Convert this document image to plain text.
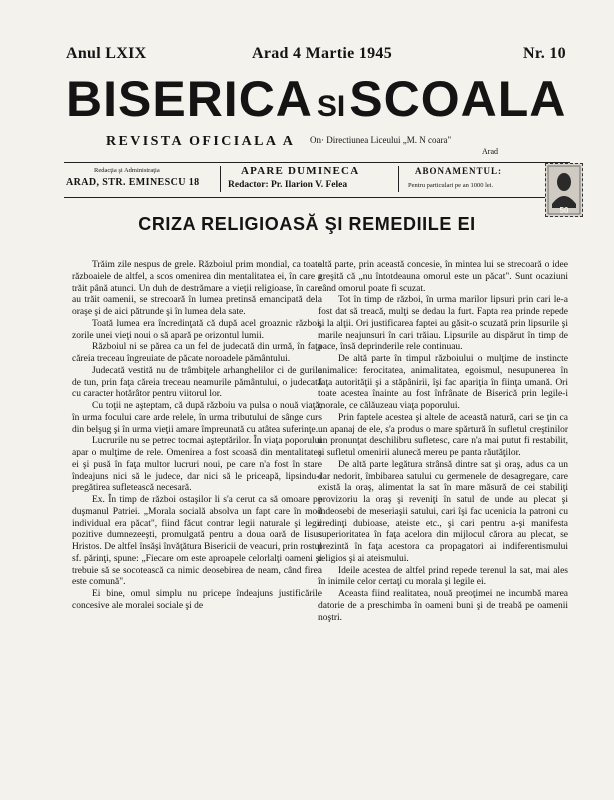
Anul LXIX	Arad 4 Martie 1945	Nr. 10
BISERICA SISCOALA
REVISTA OFICIALA A On· Directiunea Liceului „M. N coara"
Arad
Redacţia şi Administraţia
ARAD, STR. EMINESCU 18
APARE DUMINECA
Redactor: Pr. Ilarion V. Felea
ABONAMENTUL:
Pentru particulari pe an 1000 lei.
50
CRIZA RELIGIOASĂ ŞI REMEDIILE EI

Trăim zile nespus de grele. Războiul prim mondial, ca toate războaiele de altfel, a scos omenirea din mentalitatea ei, în care a trăit până atunci. Un duh de destrămare a vieţii religioase, în care au trăit oamenii, se strecoară în lumea pretinsă emancipată dela oraşe şi de aici pătrunde şi în lumea dela sate.

Toată lumea era încredinţată că după acel groaznic război, zorile unei vieţi noui o să apară pe orizontul lumii.

Războiul ni se părea ca un fel de judecată din urmă, în faţa căreia treceau îngreuiate de păcate noroadele pământului.

Judecată vestită nu de trâmbiţele arhanghelilor ci de gurile de tun, prin faţa căreia treceau neamurile pământului, o judecată cu caracter hotărâtor pentru viitorul lor.

Cu toţii ne aşteptam, că după războiu va pulsa o nouă viaţă, în urma focului care arde relele, în urma tributului de sânge curs din belşug şi în urma vieţii amare împreunată cu atâtea suferinţe.

Lucrurile nu se petrec tocmai aşteptărilor. În viaţa poporului apar o mulţime de rele. Omenirea a fost scoasă din mentalitatea ei şi pusă în faţa multor lucruri noui, pe care n'a fost în stare îndeajuns nici să le judece, dar nici să le priceapă, lipsindu-i pregătirea sufletească necesară.

Ex. În timp de război ostaşilor li s'a cerut ca să omoare pe duşmanul Patriei. „Morala socială absolva un fapt care în mod individual era păcat", fiind făcut contrar legii naturale şi legii pozitive dumnezeeşti, promulgată pentru a doua oară de Iisus Hristos. De altfel însăşi învăţătura Bisericii de veacuri, prin rostul sf. părinţi, spune: „Fiecare om este aproapele celorlalţi oameni şi trebuie să se socotească ca nimic deosebirea de neam, când firea este comună".

Ei bine, omul simplu nu pricepe îndeajuns justificările concesive ale moralei sociale şi de

altă parte, prin această concesie, în mintea lui se strecoară o idee greşită că „nu întotdeauna omorul este un păcat". Sunt ocaziuni când omorul poate fi scuzat.

Tot în timp de război, în urma marilor lipsuri prin cari le-a fost dat să treacă, mulţi se dedau la furt. Fapta rea prinde repede şi la alţii. Ori justificarea faptei au găsit-o scuzată prin lipsurile şi marile neajunsuri în cari trăiau. Lipsurile au dispărut în timp de pace, însă deprinderile rele continuau.

De altă parte în timpul războiului o mulţime de instincte animalice: ferocitatea, animalitatea, egoismul, nesupunerea în faţa autorităţii şi a stăpânirii, îşi fac apariţia în fiinţa umană. Ori toate acestea înainte au fost înfrânate de Biserică prin legile-i morale, ce călăuzeau viaţa poporului.

Prin faptele acestea şi altele de această natură, cari se ţin ca un apanaj de ele, s'a produs o mare spărtură în sufletul creştinilor un pronunţat deschilibru sufletesc, care n'a mai putut fi restabilit, şi sufletul omenirii alunecă mereu pe panta răutăţilor.

De altă parte legătura strânsă dintre sat şi oraş, adus ca un dar nedorit, îmbibarea satului cu germenele de desagregare, care există la oraş, alimentat la sat în mare măsură de cei stabiliţi provizoriu la oraş şi reveniţi în satul de unde au plecat şi îndeosebi de meseriaşii satului, cari îşi fac ucenicia la patroni cu credinţi dubioase, ateiste etc., şi cari pentru a-şi manifesta superioritatea în faţa acelora din mijlocul cărora au plecat, se prezintă în faţa acestora ca propagatori ai indiferentismului religios şi ai ateismului.

Ideile acestea de altfel prind repede terenul la sat, mai ales în inimile celor certaţi cu morala şi legile ei.

Aceasta fiind realitatea, nouă preoţimei ne incumbă marea datorie de a preschimba în oameni buni şi de treabă pe oamenii noştri.
